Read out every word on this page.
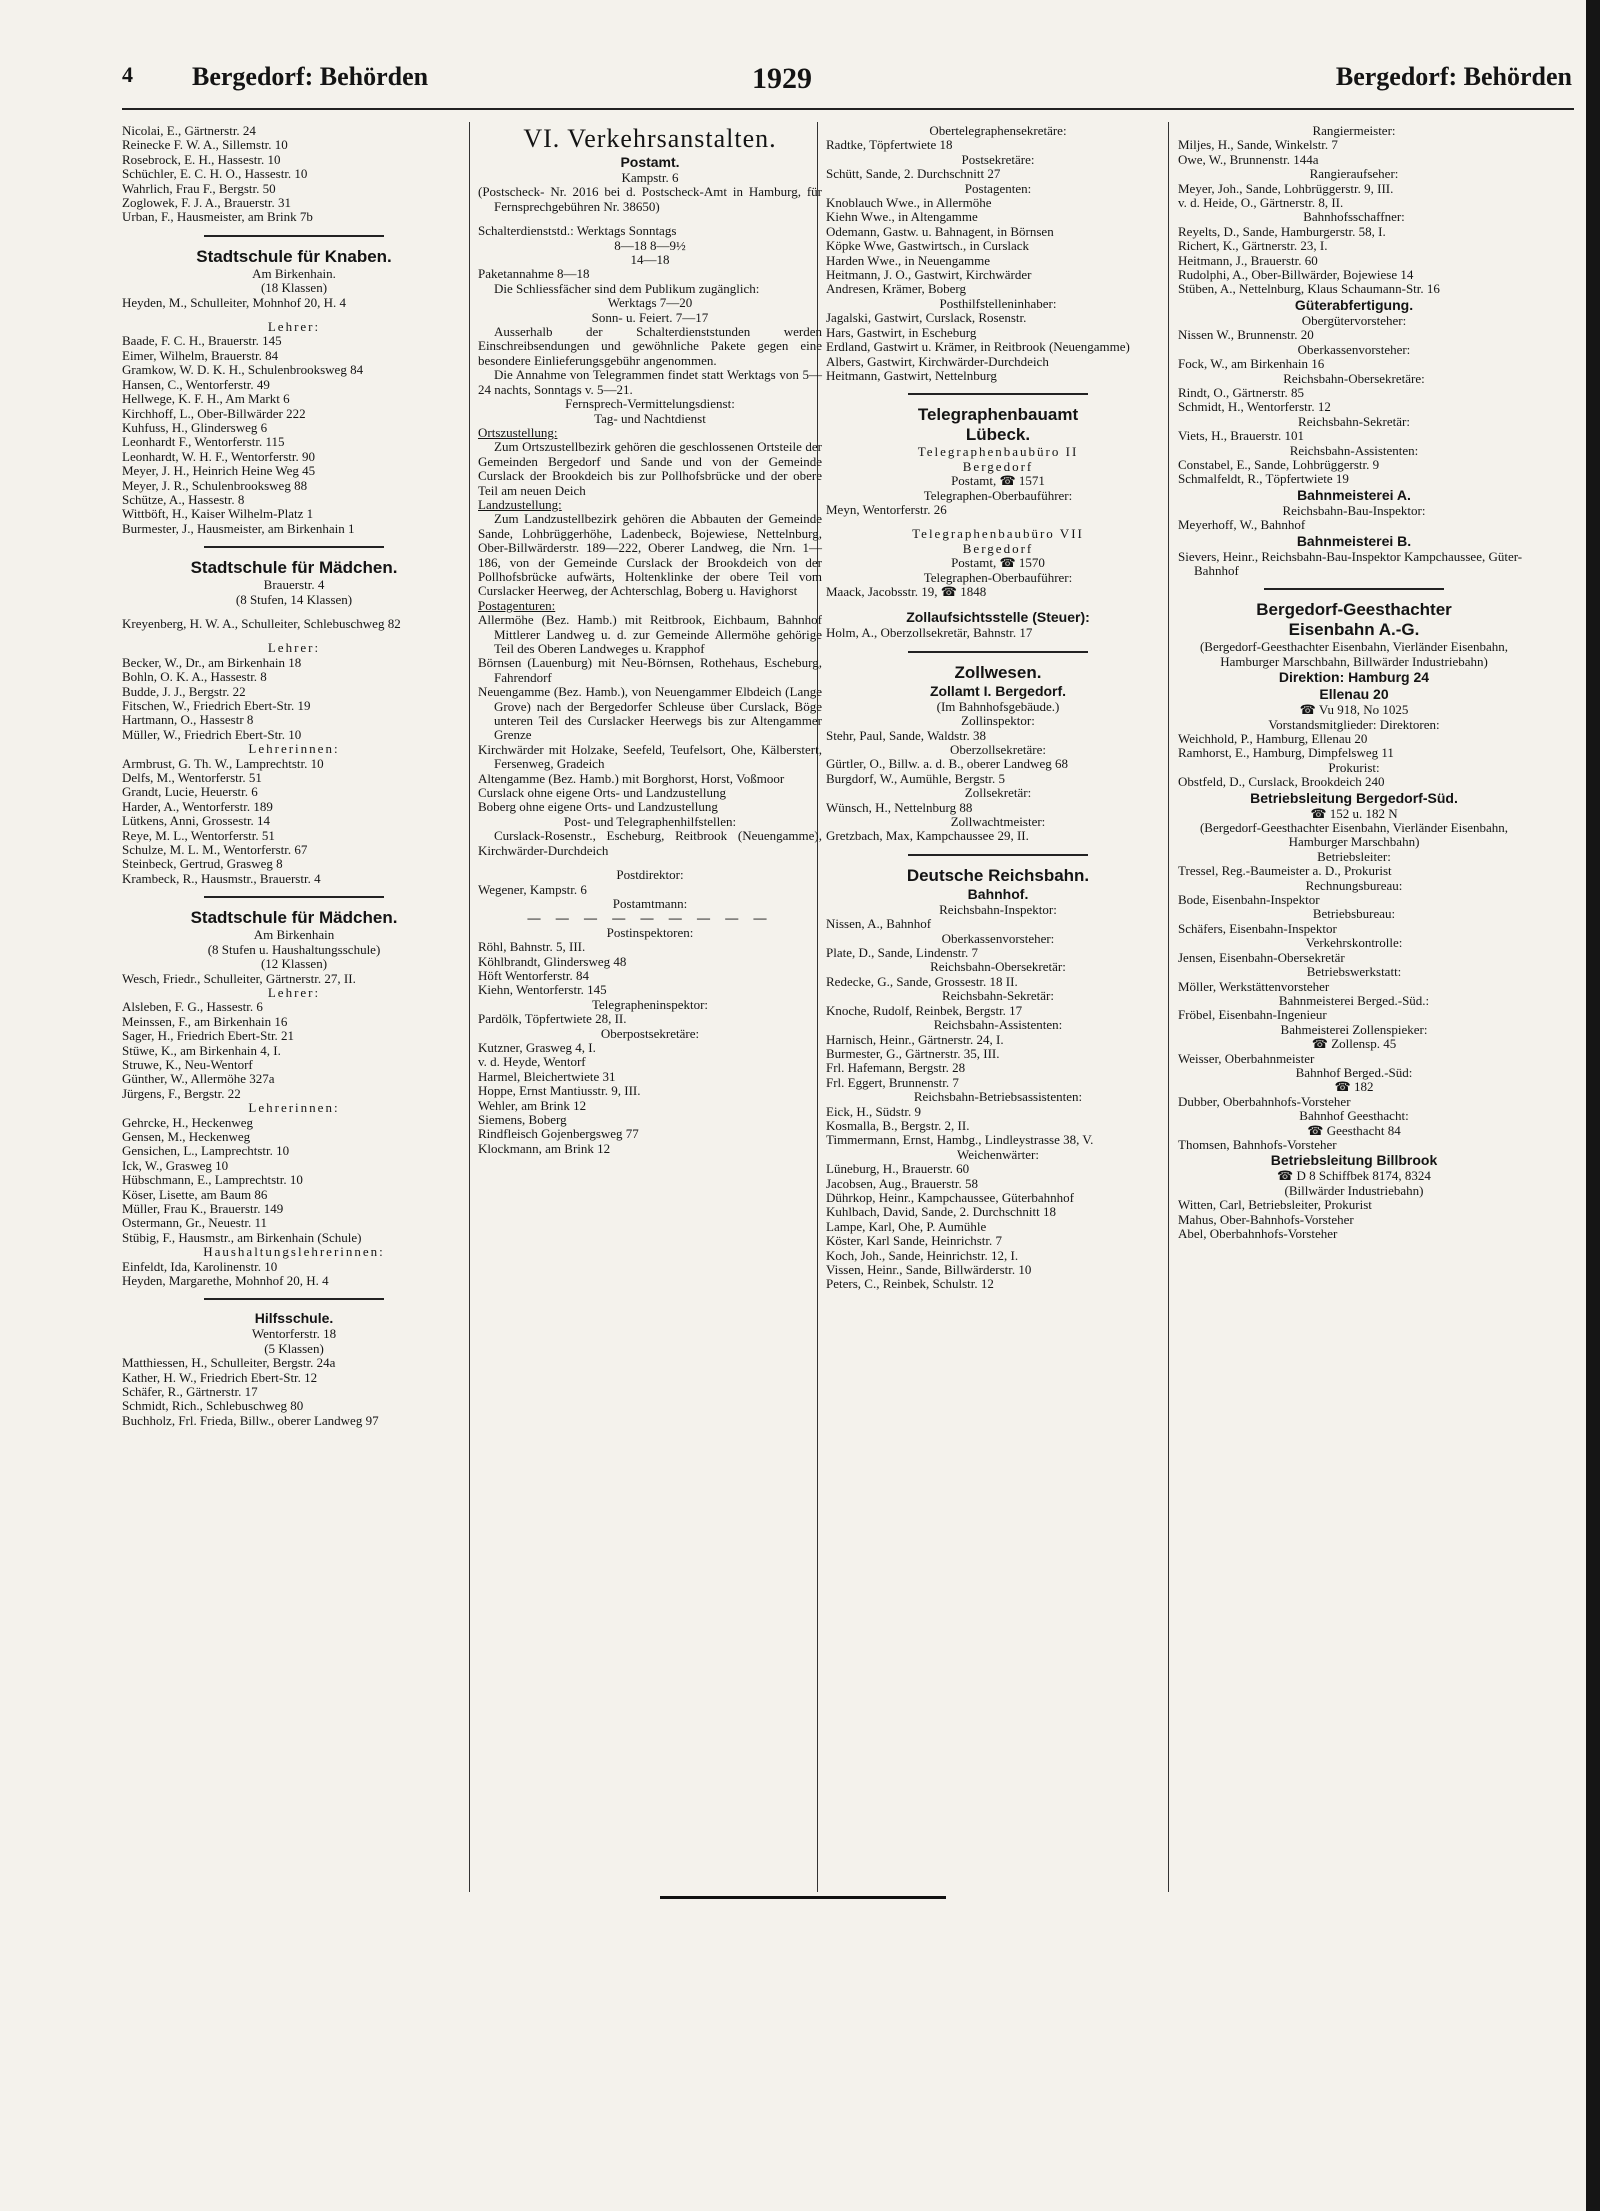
4 Bergedorf: Behörden	1929	Bergedorf: Behörden

Nicolai, E., Gärtnerstr. 24

Reinecke F. W. A., Sillemstr. 10

Rosebrock, E. H., Hassestr. 10

Schüchler, E. C. H. O., Hassestr. 10

Wahrlich, Frau F., Bergstr. 50

Zoglowek, F. J. A., Brauerstr. 31

Urban, F., Hausmeister, am Brink 7b

Stadtschule für Knaben.

Am Birkenhain.

(18 Klassen)

Heyden, M., Schulleiter, Mohnhof 20, H. 4

Lehrer:

Baade, F. C. H., Brauerstr. 145

Eimer, Wilhelm, Brauerstr. 84

Gramkow, W. D. K. H., Schulenbrooksweg 84

Hansen, C., Wentorferstr. 49

Hellwege, K. F. H., Am Markt 6

Kirchhoff, L., Ober-Billwärder 222

Kuhfuss, H., Glindersweg 6

Leonhardt F., Wentorferstr. 115

Leonhardt, W. H. F., Wentorferstr. 90

Meyer, J. H., Heinrich Heine Weg 45

Meyer, J. R., Schulenbrooksweg 88

Schütze, A., Hassestr. 8

Wittböft, H., Kaiser Wilhelm-Platz 1

Burmester, J., Hausmeister, am Birkenhain 1

Stadtschule für Mädchen.

Brauerstr. 4

(8 Stufen, 14 Klassen)

Kreyenberg, H. W. A., Schulleiter, Schlebuschweg 82

Lehrer:

Becker, W., Dr., am Birkenhain 18

Bohln, O. K. A., Hassestr. 8

Budde, J. J., Bergstr. 22

Fitschen, W., Friedrich Ebert-Str. 19

Hartmann, O., Hassestr 8

Müller, W., Friedrich Ebert-Str. 10

Lehrerinnen:

Armbrust, G. Th. W., Lamprechtstr. 10

Delfs, M., Wentorferstr. 51

Grandt, Lucie, Heuerstr. 6

Harder, A., Wentorferstr. 189

Lütkens, Anni, Grossestr. 14

Reye, M. L., Wentorferstr. 51

Schulze, M. L. M., Wentorferstr. 67

Steinbeck, Gertrud, Grasweg 8

Krambeck, R., Hausmstr., Brauerstr. 4

Stadtschule für Mädchen.

Am Birkenhain

(8 Stufen u. Haushaltungsschule)

(12 Klassen)

Wesch, Friedr., Schulleiter, Gärtnerstr. 27, II.

Lehrer:

Alsleben, F. G., Hassestr. 6

Meinssen, F., am Birkenhain 16

Sager, H., Friedrich Ebert-Str. 21

Stüwe, K., am Birkenhain 4, I.

Struwe, K., Neu-Wentorf

Günther, W., Allermöhe 327a

Jürgens, F., Bergstr. 22

Lehrerinnen:

Gehrcke, H., Heckenweg

Gensen, M., Heckenweg

Gensichen, L., Lamprechtstr. 10

Ick, W., Grasweg 10

Hübschmann, E., Lamprechtstr. 10

Köser, Lisette, am Baum 86

Müller, Frau K., Brauerstr. 149

Ostermann, Gr., Neuestr. 11

Stübig, F., Hausmstr., am Birkenhain (Schule)

Haushaltungslehrerinnen:

Einfeldt, Ida, Karolinenstr. 10

Heyden, Margarethe, Mohnhof 20, H. 4

Hilfsschule.

Wentorferstr. 18

(5 Klassen)

Matthiessen, H., Schulleiter, Bergstr. 24a

Kather, H. W., Friedrich Ebert-Str. 12

Schäfer, R., Gärtnerstr. 17

Schmidt, Rich., Schlebuschweg 80

Buchholz, Frl. Frieda, Billw., oberer Landweg 97

VI. Verkehrsanstalten.

Postamt.

Kampstr. 6

(Postscheck- Nr. 2016 bei d. Postscheck-Amt in Hamburg, für Fernsprechgebühren Nr. 38650)

Schalterdienststd.: Werktags Sonntags

8—18 8—9½

14—18

Paketannahme 8—18

Die Schliessfächer sind dem Publikum zugänglich:

Werktags 7—20

Sonn- u. Feiert. 7—17

Ausserhalb der Schalterdienststunden werden Einschreibsendungen und gewöhnliche Pakete gegen eine besondere Einlieferungsgebühr angenommen.

Die Annahme von Telegrammen findet statt Werktags von 5—24 nachts, Sonntags v. 5—21.

Fernsprech-Vermittelungsdienst:

Tag- und Nachtdienst

Ortszustellung:

Zum Ortszustellbezirk gehören die geschlossenen Ortsteile der Gemeinden Bergedorf und Sande und von der Gemeinde Curslack der Brookdeich bis zur Pollhofsbrücke und der obere Teil am neuen Deich

Landzustellung:

Zum Landzustellbezirk gehören die Abbauten der Gemeinde Sande, Lohbrüggerhöhe, Ladenbeck, Bojewiese, Nettelnburg, Ober-Billwärderstr. 189—222, Oberer Landweg, die Nrn. 1—186, von der Gemeinde Curslack der Brookdeich von der Pollhofsbrücke aufwärts, Holtenklinke der obere Teil vom Curslacker Heerweg, der Achterschlag, Boberg u. Havighorst

Postagenturen:

Allermöhe (Bez. Hamb.) mit Reitbrook, Eichbaum, Bahnhof Mittlerer Landweg u. d. zur Gemeinde Allermöhe gehörige Teil des Oberen Landweges u. Krapphof

Börnsen (Lauenburg) mit Neu-Börnsen, Rothehaus, Escheburg, Fahrendorf

Neuengamme (Bez. Hamb.), von Neuengammer Elbdeich (Lange Grove) nach der Bergedorfer Schleuse über Curslack, Böge unteren Teil des Curslacker Heerwegs bis zur Altengammer Grenze

Kirchwärder mit Holzake, Seefeld, Teufelsort, Ohe, Kälberstert, Fersenweg, Gradeich

Altengamme (Bez. Hamb.) mit Borghorst, Horst, Voßmoor

Curslack ohne eigene Orts- und Landzustellung

Boberg ohne eigene Orts- und Landzustellung

Post- und Telegraphenhilfstellen:

Curslack-Rosenstr., Escheburg, Reitbrook (Neuengamme), Kirchwärder-Durchdeich

Postdirektor:

Wegener, Kampstr. 6

Postamtmann:

— — — — — — — — —

Postinspektoren:

Röhl, Bahnstr. 5, III.

Köhlbrandt, Glindersweg 48

Höft Wentorferstr. 84

Kiehn, Wentorferstr. 145

Telegrapheninspektor:

Pardölk, Töpfertwiete 28, II.

Oberpostsekretäre:

Kutzner, Grasweg 4, I.

v. d. Heyde, Wentorf

Harmel, Bleichertwiete 31

Hoppe, Ernst Mantiusstr. 9, III.

Wehler, am Brink 12

Siemens, Boberg

Rindfleisch Gojenbergsweg 77

Klockmann, am Brink 12

Obertelegraphensekretäre:

Radtke, Töpfertwiete 18

Postsekretäre:

Schütt, Sande, 2. Durchschnitt 27

Postagenten:

Knoblauch Wwe., in Allermöhe

Kiehn Wwe., in Altengamme

Odemann, Gastw. u. Bahnagent, in Börnsen

Köpke Wwe, Gastwirtsch., in Curslack

Harden Wwe., in Neuengamme

Heitmann, J. O., Gastwirt, Kirchwärder

Andresen, Krämer, Boberg

Posthilfstelleninhaber:

Jagalski, Gastwirt, Curslack, Rosenstr.

Hars, Gastwirt, in Escheburg

Erdland, Gastwirt u. Krämer, in Reitbrook (Neuengamme)

Albers, Gastwirt, Kirchwärder-Durchdeich

Heitmann, Gastwirt, Nettelnburg

Telegraphenbauamt

Lübeck.

Telegraphenbaubüro II

Bergedorf

Postamt, ☎ 1571

Telegraphen-Oberbauführer:

Meyn, Wentorferstr. 26

Telegraphenbaubüro VII

Bergedorf

Postamt, ☎ 1570

Telegraphen-Oberbauführer:

Maack, Jacobsstr. 19, ☎ 1848

Zollaufsichtsstelle (Steuer):

Holm, A., Oberzollsekretär, Bahnstr. 17

Zollwesen.

Zollamt I. Bergedorf.

(Im Bahnhofsgebäude.)

Zollinspektor:

Stehr, Paul, Sande, Waldstr. 38

Oberzollsekretäre:

Gürtler, O., Billw. a. d. B., oberer Landweg 68

Burgdorf, W., Aumühle, Bergstr. 5

Zollsekretär:

Wünsch, H., Nettelnburg 88

Zollwachtmeister:

Gretzbach, Max, Kampchaussee 29, II.

Deutsche Reichsbahn.

Bahnhof.

Reichsbahn-Inspektor:

Nissen, A., Bahnhof

Oberkassenvorsteher:

Plate, D., Sande, Lindenstr. 7

Reichsbahn-Obersekretär:

Redecke, G., Sande, Grossestr. 18 II.

Reichsbahn-Sekretär:

Knoche, Rudolf, Reinbek, Bergstr. 17

Reichsbahn-Assistenten:

Harnisch, Heinr., Gärtnerstr. 24, I.

Burmester, G., Gärtnerstr. 35, III.

Frl. Hafemann, Bergstr. 28

Frl. Eggert, Brunnenstr. 7

Reichsbahn-Betriebsassistenten:

Eick, H., Südstr. 9

Kosmalla, B., Bergstr. 2, II.

Timmermann, Ernst, Hambg., Lindleystrasse 38, V.

Weichenwärter:

Lüneburg, H., Brauerstr. 60

Jacobsen, Aug., Brauerstr. 58

Dührkop, Heinr., Kampchaussee, Güterbahnhof

Kuhlbach, David, Sande, 2. Durchschnitt 18

Lampe, Karl, Ohe, P. Aumühle

Köster, Karl Sande, Heinrichstr. 7

Koch, Joh., Sande, Heinrichstr. 12, I.

Vissen, Heinr., Sande, Billwärderstr. 10

Peters, C., Reinbek, Schulstr. 12

Rangiermeister:

Miljes, H., Sande, Winkelstr. 7

Owe, W., Brunnenstr. 144a

Rangieraufseher:

Meyer, Joh., Sande, Lohbrüggerstr. 9, III.

v. d. Heide, O., Gärtnerstr. 8, II.

Bahnhofsschaffner:

Reyelts, D., Sande, Hamburgerstr. 58, I.

Richert, K., Gärtnerstr. 23, I.

Heitmann, J., Brauerstr. 60

Rudolphi, A., Ober-Billwärder, Bojewiese 14

Stüben, A., Nettelnburg, Klaus Schaumann-Str. 16

Güterabfertigung.

Obergütervorsteher:

Nissen W., Brunnenstr. 20

Oberkassenvorsteher:

Fock, W., am Birkenhain 16

Reichsbahn-Obersekretäre:

Rindt, O., Gärtnerstr. 85

Schmidt, H., Wentorferstr. 12

Reichsbahn-Sekretär:

Viets, H., Brauerstr. 101

Reichsbahn-Assistenten:

Constabel, E., Sande, Lohbrüggerstr. 9

Schmalfeldt, R., Töpfertwiete 19

Bahnmeisterei A.

Reichsbahn-Bau-Inspektor:

Meyerhoff, W., Bahnhof

Bahnmeisterei B.

Sievers, Heinr., Reichsbahn-Bau-Inspektor Kampchaussee, Güter-Bahnhof

Bergedorf-Geesthachter

Eisenbahn A.-G.

(Bergedorf-Geesthachter Eisenbahn, Vierländer Eisenbahn, Hamburger Marschbahn, Billwärder Industriebahn)

Direktion: Hamburg 24

Ellenau 20

☎ Vu 918, No 1025

Vorstandsmitglieder: Direktoren:

Weichhold, P., Hamburg, Ellenau 20

Ramhorst, E., Hamburg, Dimpfelsweg 11

Prokurist:

Obstfeld, D., Curslack, Brookdeich 240

Betriebsleitung Bergedorf-Süd.

☎ 152 u. 182 N

(Bergedorf-Geesthachter Eisenbahn, Vierländer Eisenbahn, Hamburger Marschbahn)

Betriebsleiter:

Tressel, Reg.-Baumeister a. D., Prokurist

Rechnungsbureau:

Bode, Eisenbahn-Inspektor

Betriebsbureau:

Schäfers, Eisenbahn-Inspektor

Verkehrskontrolle:

Jensen, Eisenbahn-Obersekretär

Betriebswerkstatt:

Möller, Werkstättenvorsteher

Bahnmeisterei Berged.-Süd.:

Fröbel, Eisenbahn-Ingenieur

Bahmeisterei Zollenspieker:

☎ Zollensp. 45

Weisser, Oberbahnmeister

Bahnhof Berged.-Süd:

☎ 182

Dubber, Oberbahnhofs-Vorsteher

Bahnhof Geesthacht:

☎ Geesthacht 84

Thomsen, Bahnhofs-Vorsteher

Betriebsleitung Billbrook

☎ D 8 Schiffbek 8174, 8324

(Billwärder Industriebahn)

Witten, Carl, Betriebsleiter, Prokurist

Mahus, Ober-Bahnhofs-Vorsteher

Abel, Oberbahnhofs-Vorsteher
